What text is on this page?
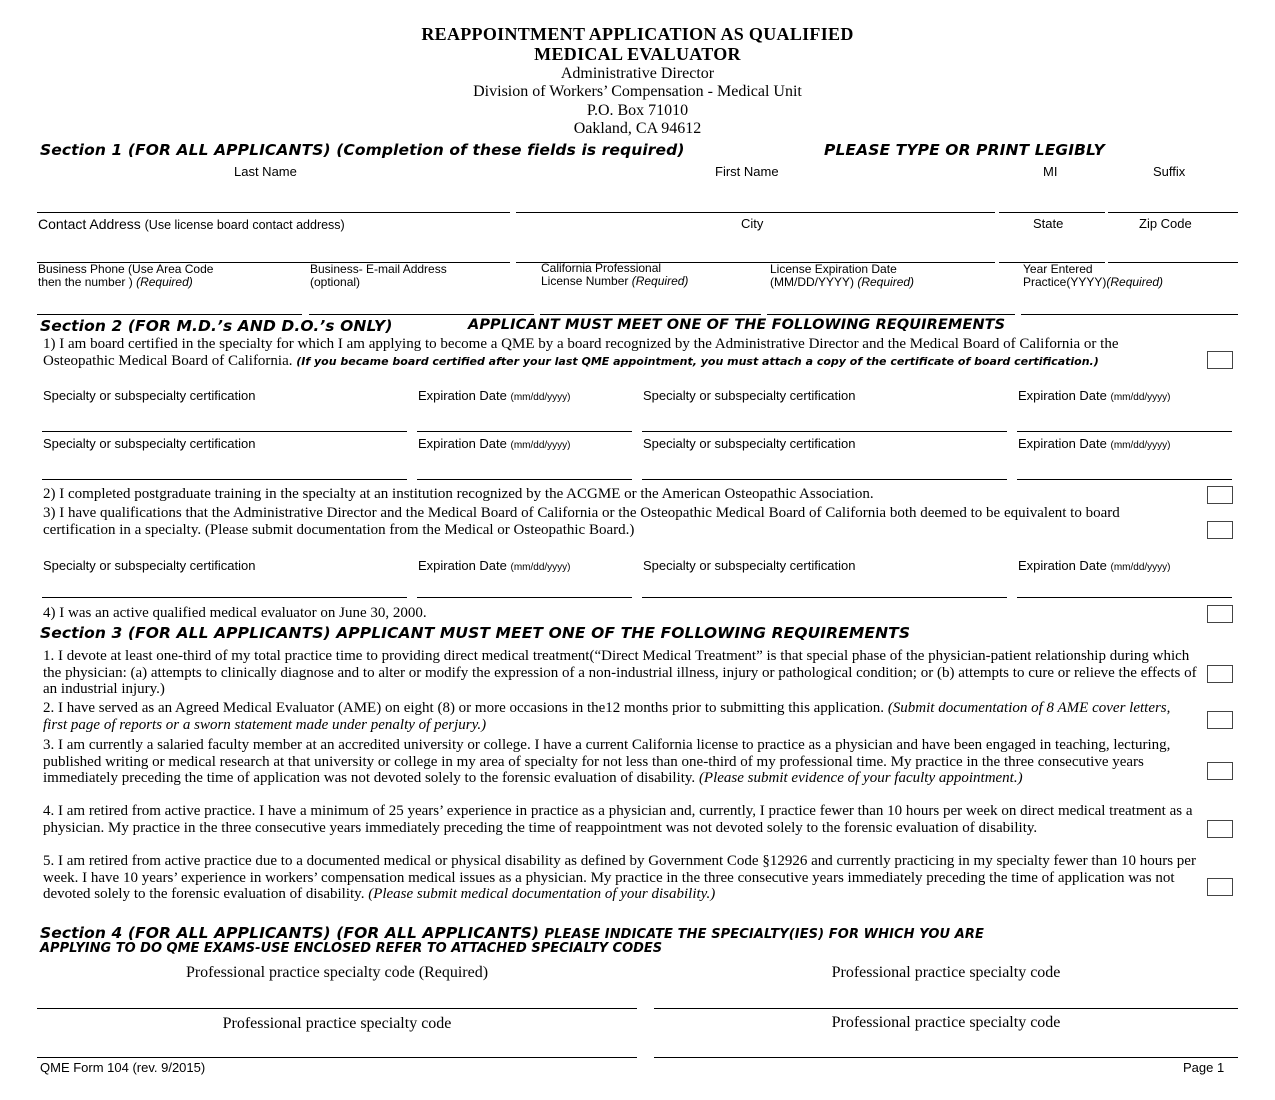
REAPPOINTMENT APPLICATION AS QUALIFIED
MEDICAL EVALUATOR
Administrative Director
Division of Workers’ Compensation - Medical Unit
P.O. Box 71010
Oakland, CA 94612
Section 1 (FOR ALL APPLICANTS) (Completion of these fields is required)	PLEASE TYPE OR PRINT LEGIBLY
Last Name	First Name	MI	Suffix
Contact Address (Use license board contact address)	City	State	Zip Code
Business Phone (Use Area Code
then the number ) (Required)
Business- E-mail Address
(optional)
California Professional
License Number (Required)
License Expiration Date
(MM/DD/YYYY) (Required)
Year Entered
Practice(YYYY)(Required)
Section 2 (FOR M.D.’s AND D.O.’s ONLY)	APPLICANT MUST MEET ONE OF THE FOLLOWING REQUIREMENTS
1) I am board certified in the specialty for which I am applying to become a QME by a board recognized by the Administrative Director and the Medical Board of California or the Osteopathic Medical Board of California. (If you became board certified after your last QME appointment, you must attach a copy of the certificate of board certification.)
Specialty or subspecialty certification	Expiration Date (mm/dd/yyyy)	Specialty or subspecialty certification	Expiration Date (mm/dd/yyyy)
Specialty or subspecialty certification	Expiration Date (mm/dd/yyyy)	Specialty or subspecialty certification	Expiration Date (mm/dd/yyyy)
2) I completed postgraduate training in the specialty at an institution recognized by the ACGME or the American Osteopathic Association.
3) I have qualifications that the Administrative Director and the Medical Board of California or the Osteopathic Medical Board of California both deemed to be equivalent to board certification in a specialty. (Please submit documentation from the Medical or Osteopathic Board.)
Specialty or subspecialty certification	Expiration Date (mm/dd/yyyy)	Specialty or subspecialty certification	Expiration Date (mm/dd/yyyy)
4) I was an active qualified medical evaluator on June 30, 2000.
Section 3 (FOR ALL APPLICANTS) APPLICANT MUST MEET ONE OF THE FOLLOWING REQUIREMENTS
1. I devote at least one-third of my total practice time to providing direct medical treatment(“Direct Medical Treatment” is that special phase of the physician-patient relationship during which the physician: (a) attempts to clinically diagnose and to alter or modify the expression of a non-industrial illness, injury or pathological condition; or (b) attempts to cure or relieve the effects of an industrial injury.)
2. I have served as an Agreed Medical Evaluator (AME) on eight (8) or more occasions in the12 months prior to submitting this application. (Submit documentation of 8 AME cover letters, first page of reports or a sworn statement made under penalty of perjury.)
3. I am currently a salaried faculty member at an accredited university or college. I have a current California license to practice as a physician and have been engaged in teaching, lecturing, published writing or medical research at that university or college in my area of specialty for not less than one-third of my professional time. My practice in the three consecutive years immediately preceding the time of application was not devoted solely to the forensic evaluation of disability. (Please submit evidence of your faculty appointment.)
4. I am retired from active practice. I have a minimum of 25 years’ experience in practice as a physician and, currently, I practice fewer than 10 hours per week on direct medical treatment as a physician. My practice in the three consecutive years immediately preceding the time of reappointment was not devoted solely to the forensic evaluation of disability.
5. I am retired from active practice due to a documented medical or physical disability as defined by Government Code §12926 and currently practicing in my specialty fewer than 10 hours per week. I have 10 years’ experience in workers’ compensation medical issues as a physician. My practice in the three consecutive years immediately preceding the time of application was not devoted solely to the forensic evaluation of disability. (Please submit medical documentation of your disability.)
Section 4 (FOR ALL APPLICANTS) (FOR ALL APPLICANTS) PLEASE INDICATE THE SPECIALTY(IES) FOR WHICH YOU ARE
APPLYING TO DO QME EXAMS-USE ENCLOSED REFER TO ATTACHED SPECIALTY CODES
Professional practice specialty code (Required)	Professional practice specialty code
Professional practice specialty code	Professional practice specialty code
QME Form 104 (rev. 9/2015)	Page 1
